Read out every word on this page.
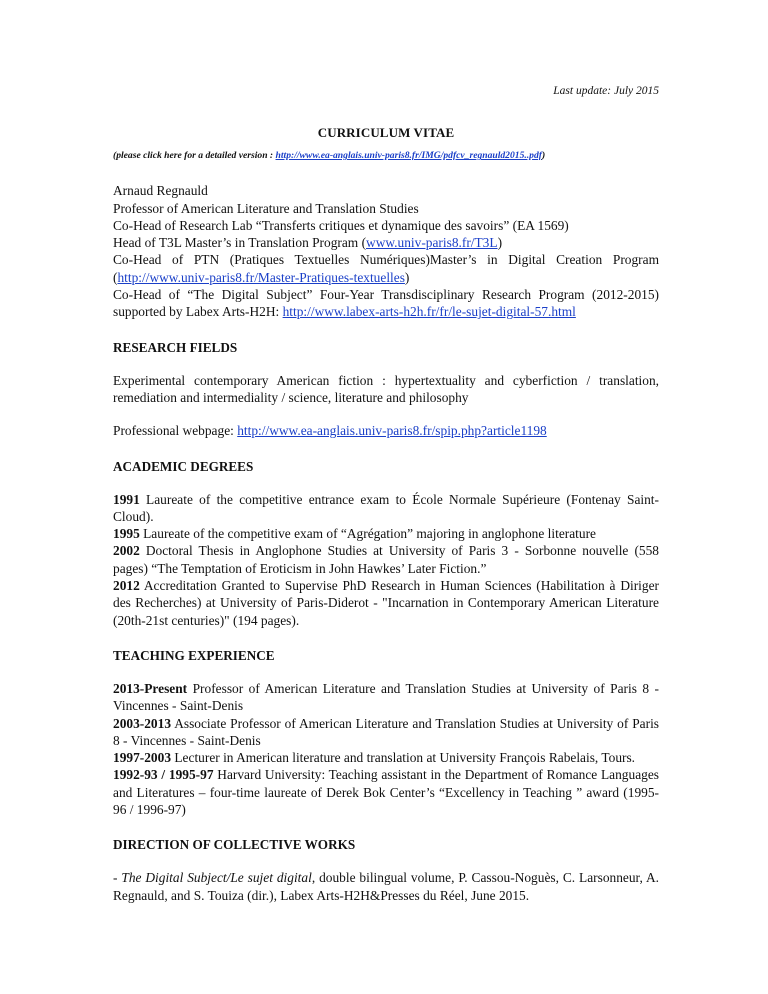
Last update: July 2015
CURRICULUM VITAE
(please click here for a detailed version : http://www.ea-anglais.univ-paris8.fr/IMG/pdfcv_regnauld2015..pdf)
Arnaud Regnauld
Professor of American Literature and Translation Studies
Co-Head of Research Lab “Transferts critiques et dynamique des savoirs” (EA 1569)
Head of T3L Master’s in Translation Program (www.univ-paris8.fr/T3L)
Co-Head of PTN (Pratiques Textuelles Numériques)Master’s in Digital Creation Program (http://www.univ-paris8.fr/Master-Pratiques-textuelles)
Co-Head of “The Digital Subject” Four-Year Transdisciplinary Research Program (2012-2015) supported by Labex Arts-H2H: http://www.labex-arts-h2h.fr/fr/le-sujet-digital-57.html
RESEARCH FIELDS

Experimental contemporary American fiction : hypertextuality and cyberfiction / translation, remediation and intermediality / science, literature and philosophy

Professional webpage: http://www.ea-anglais.univ-paris8.fr/spip.php?article1198

ACADEMIC DEGREES
1991 Laureate of the competitive entrance exam to École Normale Supérieure (Fontenay Saint-Cloud).
1995 Laureate of the competitive exam of “Agrégation” majoring in anglophone literature
2002 Doctoral Thesis in Anglophone Studies at University of Paris 3 - Sorbonne nouvelle (558 pages) “The Temptation of Eroticism in John Hawkes’ Later Fiction.”
2012 Accreditation Granted to Supervise PhD Research in Human Sciences (Habilitation à Diriger des Recherches) at University of Paris-Diderot - "Incarnation in Contemporary American Literature (20th-21st centuries)" (194 pages).
TEACHING EXPERIENCE
2013-Present Professor of American Literature and Translation Studies at University of Paris 8 - Vincennes - Saint-Denis
2003-2013 Associate Professor of American Literature and Translation Studies at University of Paris 8 - Vincennes - Saint-Denis
1997-2003 Lecturer in American literature and translation at University François Rabelais, Tours.
1992-93 / 1995-97 Harvard University: Teaching assistant in the Department of Romance Languages and Literatures – four-time laureate of Derek Bok Center’s “Excellency in Teaching ” award (1995-96 / 1996-97)
DIRECTION OF COLLECTIVE WORKS

- The Digital Subject/Le sujet digital, double bilingual volume, P. Cassou-Noguès, C. Larsonneur, A. Regnauld, and S. Touiza (dir.), Labex Arts-H2H&Presses du Réel, June 2015.
